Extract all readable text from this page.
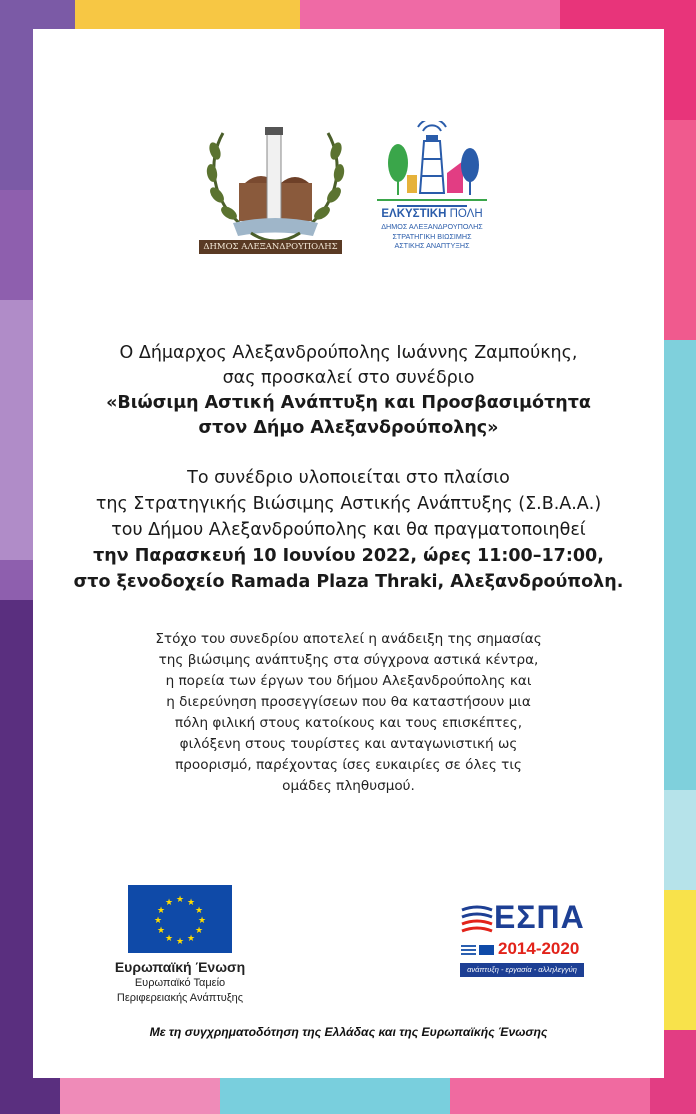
ΔΗΜΟΣ ΑΛΕΞΑΝΔΡΟΥΠΟΛΗΣ
ΕΛΚΥΣΤΙΚΗ ΠΟΛΗ
ΔΗΜΟΣ ΑΛΕΞΑΝΔΡΟΥΠΟΛΗΣ
ΣΤΡΑΤΗΓΙΚΗ ΒΙΩΣΙΜΗΣ
ΑΣΤΙΚΗΣ ΑΝΑΠΤΥΞΗΣ
Ο Δήμαρχος Αλεξανδρούπολης Ιωάννης Ζαμπούκης,
σας προσκαλεί στο συνέδριο
«Βιώσιμη Αστική Ανάπτυξη και Προσβασιμότητα
στον Δήμο Αλεξανδρούπολης»
Το συνέδριο υλοποιείται στο πλαίσιο
της Στρατηγικής Βιώσιμης Αστικής Ανάπτυξης (Σ.Β.Α.Α.)
του Δήμου Αλεξανδρούπολης και θα πραγματοποιηθεί
την Παρασκευή 10 Ιουνίου 2022, ώρες 11:00–17:00,
στο ξενοδοχείο Ramada Plaza Thraki, Αλεξανδρούπολη.
Στόχο του συνεδρίου αποτελεί η ανάδειξη της σημασίας
της βιώσιμης ανάπτυξης στα σύγχρονα αστικά κέντρα,
η πορεία των έργων του δήμου Αλεξανδρούπολης και
η διερεύνηση προσεγγίσεων που θα καταστήσουν μια
πόλη φιλική στους κατοίκους και τους επισκέπτες,
φιλόξενη στους τουρίστες και ανταγωνιστική ως
προορισμό, παρέχοντας ίσες ευκαιρίες σε όλες τις
ομάδες πληθυσμού.
★ ★
★
★
★
★
★
★
★
★
★
★
Ευρωπαϊκή Ένωση
Ευρωπαϊκό Ταμείο
Περιφερειακής Ανάπτυξης
ΕΣΠΑ
2014-2020
ανάπτυξη - εργασία - αλληλεγγύη
Με τη συγχρηματοδότηση της Ελλάδας και της Ευρωπαϊκής Ένωσης
